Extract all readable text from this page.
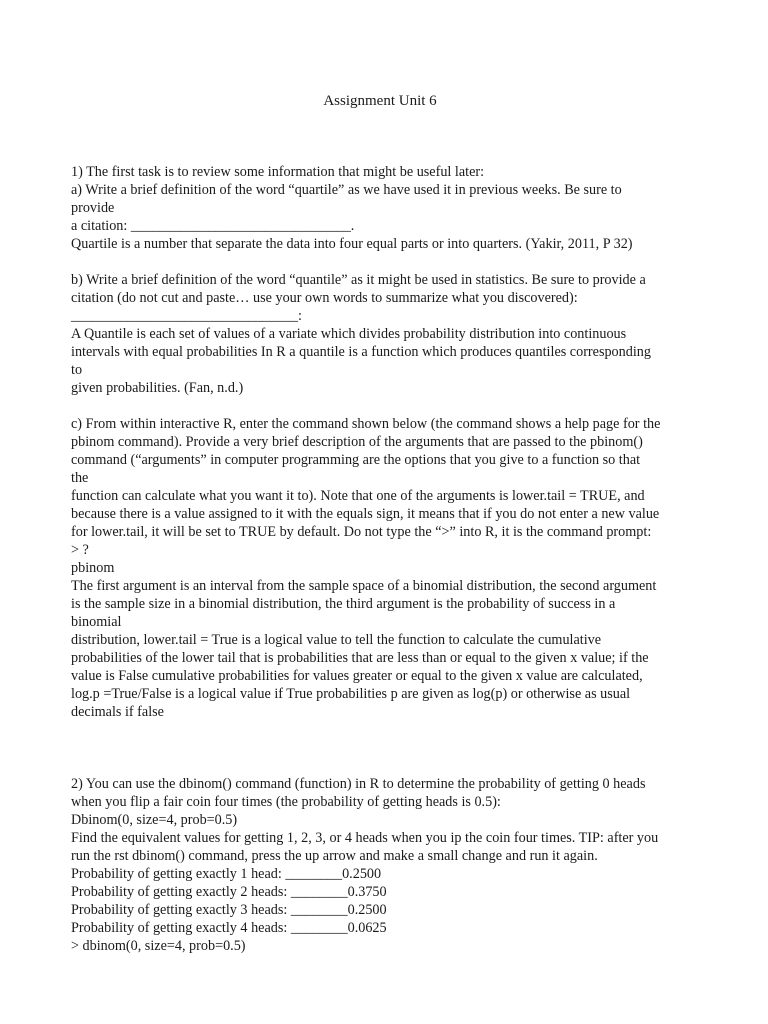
Assignment Unit 6
1) The first task is to review some information that might be useful later:
a) Write a brief definition of the word “quartile” as we have used it in previous weeks. Be sure to
provide
a citation: _______________________________.
Quartile is a number that separate the data into four equal parts or into quarters. (Yakir, 2011, P 32)
b) Write a brief definition of the word “quantile” as it might be used in statistics. Be sure to provide a
citation (do not cut and paste… use your own words to summarize what you discovered):
________________________________:
A Quantile is each set of values of a variate which divides probability distribution into continuous
intervals with equal probabilities In R a quantile is a function which produces quantiles corresponding
to
given probabilities. (Fan, n.d.)
c) From within interactive R, enter the command shown below (the command shows a help page for the
pbinom command). Provide a very brief description of the arguments that are passed to the pbinom()
command (“arguments” in computer programming are the options that you give to a function so that
the
function can calculate what you want it to). Note that one of the arguments is lower.tail = TRUE, and
because there is a value assigned to it with the equals sign, it means that if you do not enter a new value
for lower.tail, it will be set to TRUE by default. Do not type the “>” into R, it is the command prompt:
> ?
pbinom
The first argument is an interval from the sample space of a binomial distribution, the second argument
is the sample size in a binomial distribution, the third argument is the probability of success in a
binomial
distribution, lower.tail = True is a logical value to tell the function to calculate the cumulative
probabilities of the lower tail that is probabilities that are less than or equal to the given x value; if the
value is False cumulative probabilities for values greater or equal to the given x value are calculated,
log.p =True/False is a logical value if True probabilities p are given as log(p) or otherwise as usual
decimals if false
2) You can use the dbinom() command (function) in R to determine the probability of getting 0 heads
when you flip a fair coin four times (the probability of getting heads is 0.5):
Dbinom(0, size=4, prob=0.5)
Find the equivalent values for getting 1, 2, 3, or 4 heads when you ip the coin four times. TIP: after you
run the rst dbinom() command, press the up arrow and make a small change and run it again.
Probability of getting exactly 1 head: ________0.2500
Probability of getting exactly 2 heads: ________0.3750
Probability of getting exactly 3 heads: ________0.2500
Probability of getting exactly 4 heads: ________0.0625
> dbinom(0, size=4, prob=0.5)
